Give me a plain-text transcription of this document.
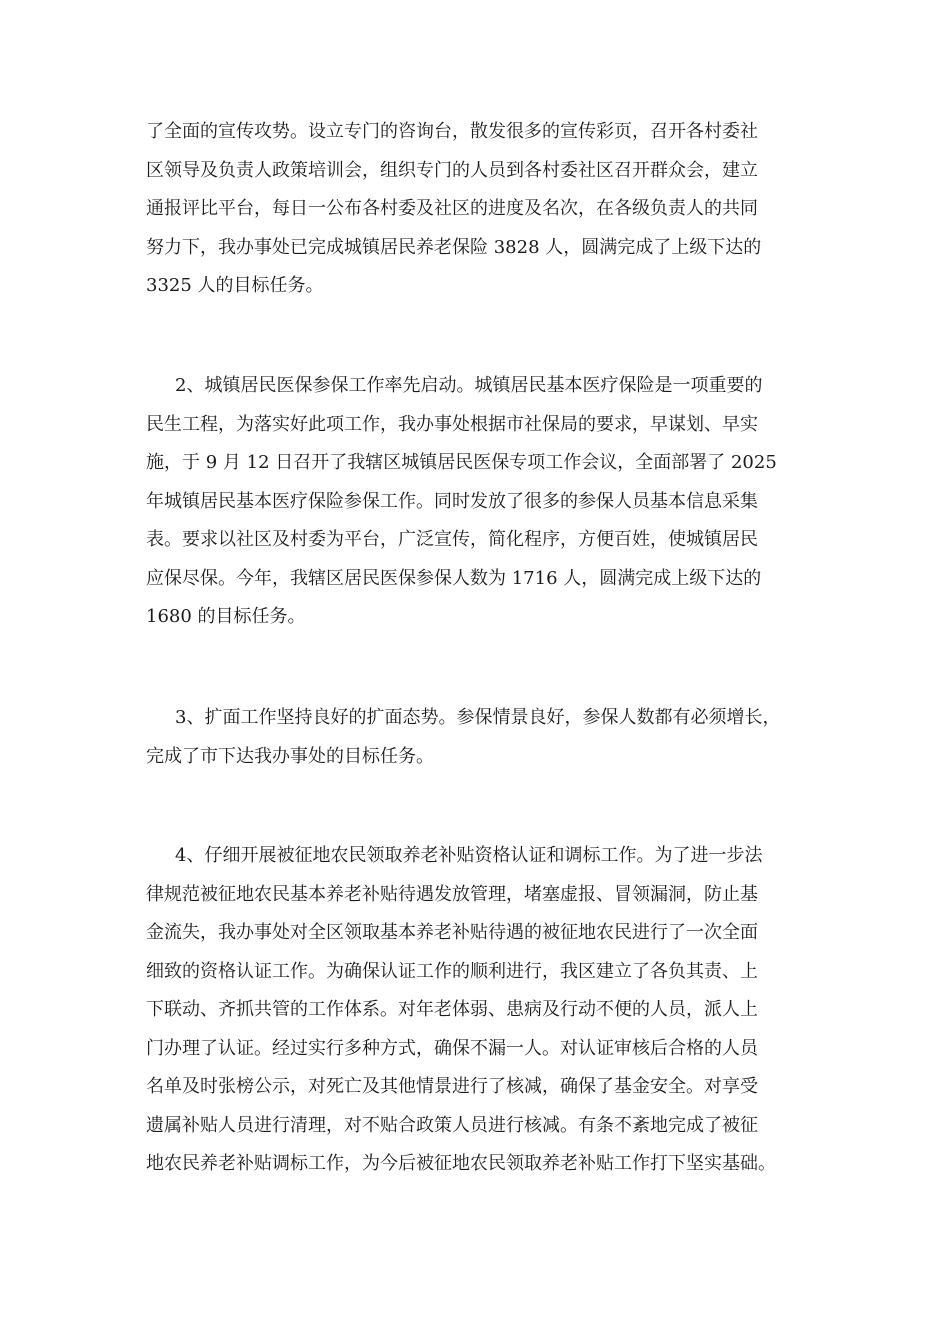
了全面的宣传攻势。设立专门的咨询台，散发很多的宣传彩页，召开各村委社
区领导及负责人政策培训会，组织专门的人员到各村委社区召开群众会，建立
通报评比平台，每日一公布各村委及社区的进度及名次，在各级负责人的共同
努力下，我办事处已完成城镇居民养老保险 3828 人，圆满完成了上级下达的
3325 人的目标任务。
2、城镇居民医保参保工作率先启动。城镇居民基本医疗保险是一项重要的
民生工程，为落实好此项工作，我办事处根据市社保局的要求，早谋划、早实
施，于 9 月 12 日召开了我辖区城镇居民医保专项工作会议，全面部署了 2025
年城镇居民基本医疗保险参保工作。同时发放了很多的参保人员基本信息采集
表。要求以社区及村委为平台，广泛宣传，简化程序，方便百姓，使城镇居民
应保尽保。今年，我辖区居民医保参保人数为 1716 人，圆满完成上级下达的
1680 的目标任务。
3、扩面工作坚持良好的扩面态势。参保情景良好，参保人数都有必须增长，
完成了市下达我办事处的目标任务。
4、仔细开展被征地农民领取养老补贴资格认证和调标工作。为了进一步法
律规范被征地农民基本养老补贴待遇发放管理，堵塞虚报、冒领漏洞，防止基
金流失，我办事处对全区领取基本养老补贴待遇的被征地农民进行了一次全面
细致的资格认证工作。为确保认证工作的顺利进行，我区建立了各负其责、上
下联动、齐抓共管的工作体系。对年老体弱、患病及行动不便的人员，派人上
门办理了认证。经过实行多种方式，确保不漏一人。对认证审核后合格的人员
名单及时张榜公示，对死亡及其他情景进行了核减，确保了基金安全。对享受
遗属补贴人员进行清理，对不贴合政策人员进行核减。有条不紊地完成了被征
地农民养老补贴调标工作，为今后被征地农民领取养老补贴工作打下坚实基础。
